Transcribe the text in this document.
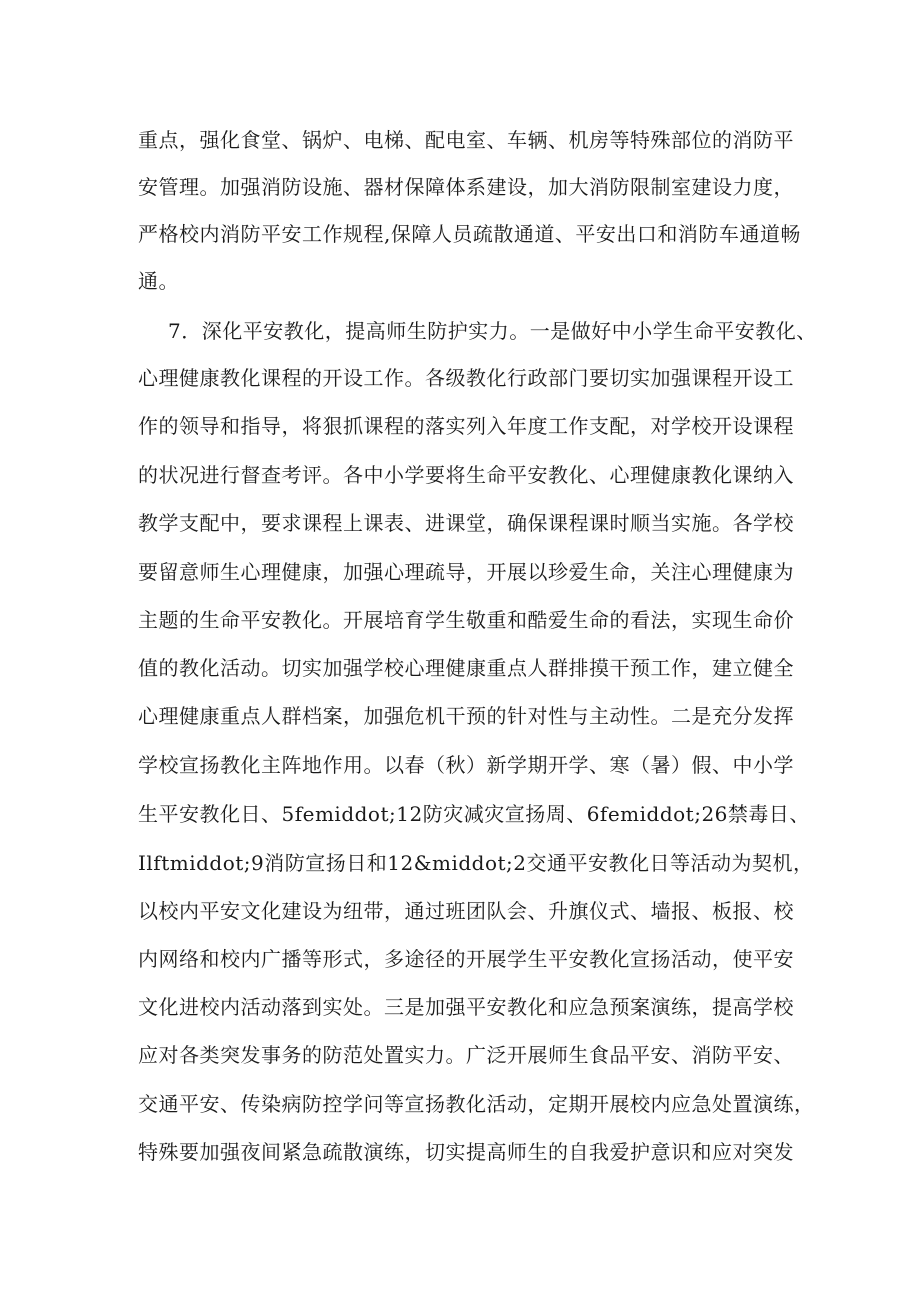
重点，强化食堂、锅炉、电梯、配电室、车辆、机房等特殊部位的消防平
安管理。加强消防设施、器材保障体系建设，加大消防限制室建设力度，
严格校内消防平安工作规程,保障人员疏散通道、平安出口和消防车通道畅
通。
7．深化平安教化，提高师生防护实力。一是做好中小学生命平安教化、
心理健康教化课程的开设工作。各级教化行政部门要切实加强课程开设工
作的领导和指导，将狠抓课程的落实列入年度工作支配，对学校开设课程
的状况进行督查考评。各中小学要将生命平安教化、心理健康教化课纳入
教学支配中，要求课程上课表、进课堂，确保课程课时顺当实施。各学校
要留意师生心理健康，加强心理疏导，开展以珍爱生命，关注心理健康为
主题的生命平安教化。开展培育学生敬重和酷爱生命的看法，实现生命价
值的教化活动。切实加强学校心理健康重点人群排摸干预工作，建立健全
心理健康重点人群档案，加强危机干预的针对性与主动性。二是充分发挥
学校宣扬教化主阵地作用。以春（秋）新学期开学、寒（暑）假、中小学
生平安教化日、5femiddot;12防灾减灾宣扬周、6femiddot;26禁毒日、
Ilftmiddot;9消防宣扬日和12&middot;2交通平安教化日等活动为契机，
以校内平安文化建设为纽带，通过班团队会、升旗仪式、墙报、板报、校
内网络和校内广播等形式，多途径的开展学生平安教化宣扬活动，使平安
文化进校内活动落到实处。三是加强平安教化和应急预案演练，提高学校
应对各类突发事务的防范处置实力。广泛开展师生食品平安、消防平安、
交通平安、传染病防控学问等宣扬教化活动，定期开展校内应急处置演练，
特殊要加强夜间紧急疏散演练，切实提高师生的自我爱护意识和应对突发
